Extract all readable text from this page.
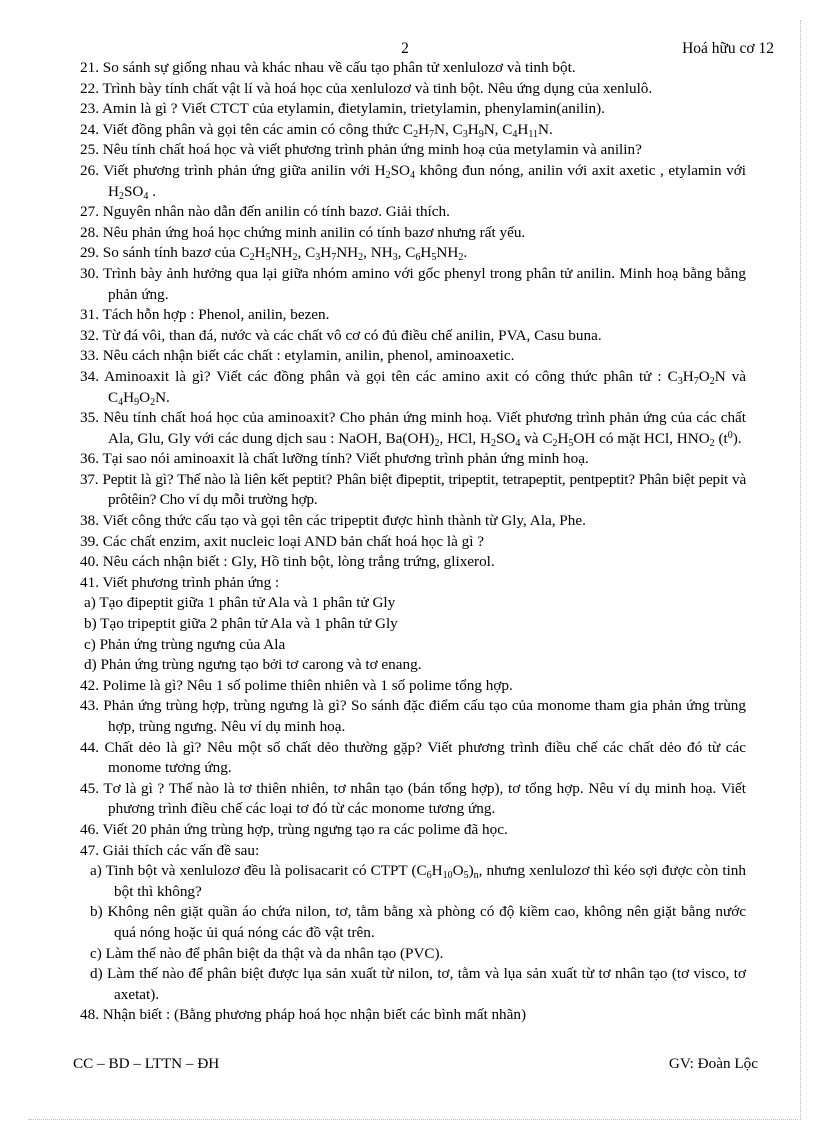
2	Hoá hữu cơ 12
21. So sánh sự giống nhau và khác nhau về cấu tạo phân tử xenlulozơ và tinh bột.
22. Trình bày tính chất vật lí và hoá học của xenlulozơ và tinh bột. Nêu ứng dụng của xenlulô.
23. Amin là gì ? Viết CTCT của etylamin, đietylamin, trietylamin, phenylamin(anilin).
24. Viết đồng phân và gọi tên các amin có công thức $C_2H_7N$, $C_3H_9N$, $C_4H_{11}N$.
25. Nêu tính chất hoá học và viết phương trình phản ứng minh hoạ của metylamin và anilin?
26. Viết phương trình phản ứng giữa anilin với $H_2SO_4$ không đun nóng, anilin với axit axetic , etylamin với $H_2SO_4$ .
27. Nguyên nhân nào dẫn đến anilin có tính bazơ. Giải thích.
28. Nêu phản ứng hoá học chứng minh anilin có tính bazơ nhưng rất yếu.
29. So sánh tính bazơ của $C_2H_5NH_2$, $C_3H_7NH_2$, $NH_3$, $C_6H_5NH_2$.
30. Trình bày ảnh hưởng qua lại giữa nhóm amino với gốc phenyl trong phân tử anilin. Minh hoạ bằng bằng phản ứng.
31. Tách hỗn hợp : Phenol, anilin, bezen.
32. Từ đá vôi, than đá, nước và các chất vô cơ có đủ điều chế anilin, PVA, Casu buna.
33. Nêu cách nhận biết các chất : etylamin, anilin, phenol, aminoaxetic.
34. Aminoaxit là gì? Viết các đồng phân và gọi tên các amino axit có công thức phân tử : $C_3H_7O_2N$ và $C_4H_9O_2N$.
35. Nêu tính chất hoá học của aminoaxit? Cho phản ứng minh hoạ. Viết phương trình phản ứng của các chất Ala, Glu, Gly với các dung dịch sau : NaOH, $Ba(OH)_2$, HCl, $H_2SO_4$ và $C_2H_5OH$ có mặt HCl, $HNO_2$ $(t^0)$.
36. Tại sao nói aminoaxit là chất lưỡng tính? Viết phương trình phản ứng minh hoạ.
37. Peptit là gì? Thế nào là liên kết peptit? Phân biệt đipeptit, tripeptit, tetrapeptit, pentpeptit? Phân biệt pepit và prôtêin? Cho ví dụ mỗi trường hợp.
38. Viết công thức cấu tạo và gọi tên các tripeptit được hình thành từ Gly, Ala, Phe.
39. Các chất enzim, axit nucleic loại AND bản chất hoá học là gì ?
40. Nêu cách nhận biết : Gly, Hồ tinh bột, lòng trắng trứng, glixerol.
41. Viết phương trình phản ứng :
a) Tạo đipeptit giữa 1 phân tử Ala và 1 phân tử Gly
b) Tạo tripeptit giữa 2 phân tử Ala và 1 phân tử Gly
c) Phản ứng trùng ngưng của Ala
d) Phản ứng trùng ngưng tạo bởi tơ carong và tơ enang.
42. Polime là gì? Nêu 1 số polime thiên nhiên và 1 số polime tổng hợp.
43. Phản ứng trùng hợp, trùng ngưng là gì? So sánh đặc điểm cấu tạo của monome tham gia phản ứng trùng hợp, trùng ngưng. Nêu ví dụ minh hoạ.
44. Chất dẻo là gì? Nêu một số chất dẻo thường gặp? Viết phương trình điều chế các chất dẻo đó từ các monome tương ứng.
45. Tơ là gì ? Thế nào là tơ thiên nhiên, tơ nhân tạo (bán tổng hợp), tơ tổng hợp. Nêu ví dụ minh hoạ. Viết phương trình điều chế các loại tơ đó từ các monome tương ứng.
46. Viết 20 phản ứng trùng hợp, trùng ngưng tạo ra các polime đã học.
47. Giải thích các vấn đề sau:
a) Tinh bột và xenlulozơ đều là polisacarit có CTPT $(C_6H_{10}O_5)_n$, nhưng xenlulozơ thì kéo sợi được còn tinh bột thì không?
b) Không nên giặt quần áo chứa nilon, tơ, tằm bằng xà phòng có độ kiềm cao, không nên giặt bằng nước quá nóng hoặc ủi quá nóng các đồ vật trên.
c) Làm thế nào để phân biệt da thật và da nhân tạo (PVC).
d) Làm thế nào để phân biệt được lụa sản xuất từ nilon, tơ, tằm và lụa sản xuất từ tơ nhân tạo (tơ visco, tơ axetat).
48. Nhận biết : (Bằng phương pháp hoá học nhận biết các bình mất nhãn)
CC – BD – LTTN – ĐH	GV: Đoàn Lộc
